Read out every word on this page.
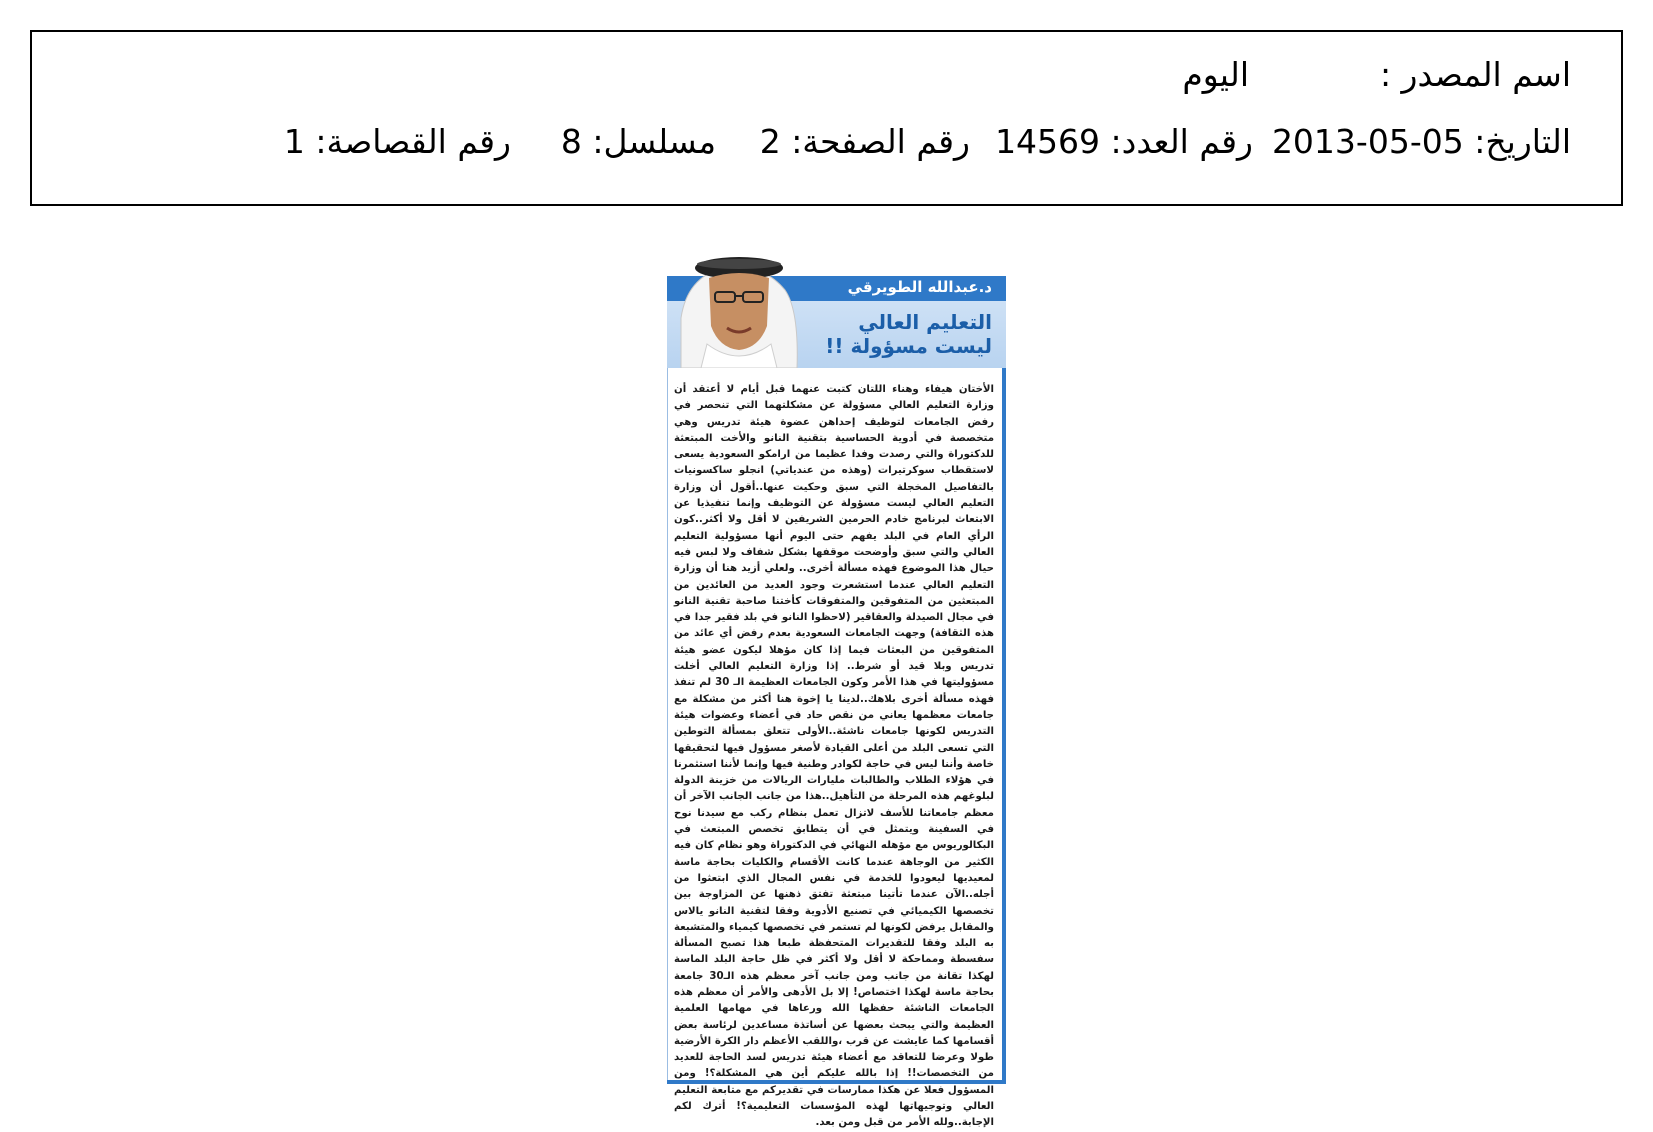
اسم المصدر :
اليوم
التاريخ: 2013-05-05
رقم العدد: 14569
رقم الصفحة: 2
مسلسل: 8
رقم القصاصة: 1
د.عبدالله الطويرقي
التعليم العالي
ليست مسؤولة !!
الأختان هيفاء وهناء اللتان كتبت عنهما قبل أيام لا أعتقد أن وزارة التعليم العالي مسؤولة عن مشكلتهما التي تنحصر في رفض الجامعات لتوظيف إحداهن عضوة هيئة تدريس وهي متخصصة في أدوية الحساسية بتقنية النانو والأخت المبتعثة للدكتوراة والتي رصدت وفدا عظيما من ارامكو السعودية يسعى لاستقطاب سوكرتيرات (وهذه من عندياتي) انجلو ساكسونيات بالتفاصيل المخجلة التي سبق وحكيت عنها..أقول أن وزارة التعليم العالي ليست مسؤولة عن التوظيف وإنما تنفيذيا عن الابتعاث لبرنامج خادم الحرمين الشريفين لا أقل ولا أكثر..كون الرأي العام في البلد يفهم حتى اليوم أنها مسؤولية التعليم العالي والتي سبق وأوضحت موقفها بشكل شفاف ولا لبس فيه حيال هذا الموضوع فهذه مسألة أخرى.. ولعلي أزيد هنا أن وزارة التعليم العالي عندما استشعرت وجود العديد من العائدين من المبتعثين من المتفوقين والمتفوقات كأختنا صاحبة تقنية النانو في مجال الصيدلة والعقاقير (لاحظوا النانو في بلد فقير جدا في هذه الثقافة) وجهت الجامعات السعودية بعدم رفض أي عائد من المتفوقين من البعثات فيما إذا كان مؤهلا ليكون عضو هيئة تدريس وبلا قيد أو شرط.. إذا وزارة التعليم العالي أخلت مسؤوليتها في هذا الأمر وكون الجامعات العظيمة الـ 30 لم تنفذ فهذه مسألة أخرى بلاهك..لدينا يا إخوة هنا أكثر من مشكلة مع جامعات معظمها يعاني من نقص حاد في أعضاء وعضوات هيئة التدريس لكونها جامعات ناشئة..الأولى تتعلق بمسألة التوطين التي تسعى البلد من أعلى القيادة لأصغر مسؤول فيها لتحقيقها خاصة وأننا ليس في حاجة لكوادر وطنية فيها وإنما لأننا استثمرنا في هؤلاء الطلاب والطالبات مليارات الريالات من خزينة الدولة لبلوغهم هذه المرحلة من التأهيل..هذا من جانب الجانب الآخر أن معظم جامعاتنا للأسف لاتزال تعمل بنظام ركب مع سيدنا نوح في السفينة ويتمثل في أن يتطابق تخصص المبتعث في البكالوريوس مع مؤهله النهائي في الدكتوراة وهو نظام كان فيه الكثير من الوجاهة عندما كانت الأقسام والكليات بحاجة ماسة لمعيديها ليعودوا للخدمة في نفس المجال الذي ابتعثوا من أجله..الآن عندما تأتينا مبتعثة تفتق ذهنها عن المزاوجة بين تخصصها الكيميائي في تصنيع الأدوية وفقا لتقنية النانو يالاس والمقابل يرفض لكونها لم تستمر في تخصصها كيمياء والمتشبعة به البلد وفقا للتقديرات المتحفظة طبعا هذا تصبح المسألة سفسطة ومماحكة لا أقل ولا أكثر في ظل حاجة البلد الماسة لهكذا تقانة من جانب ومن جانب آخر معظم هذه الـ30 جامعة بحاجة ماسة لهكذا اختصاص! إلا بل الأدهى والأمر أن معظم هذه الجامعات الناشئة حفظها الله ورعاها في مهامها العلمية العظيمة والتي يبحث بعضها عن أساتذة مساعدين لرئاسة بعض أقسامها كما عايشت عن قرب ،واللقب الأعظم دار الكرة الأرضية طولا وعرضا للتعاقد مع أعضاء هيئة تدريس لسد الحاجة للعديد من التخصصات!! إذا بالله عليكم أين هي المشكلة؟! ومن المسؤول فعلا عن هكذا ممارسات في تقديركم مع متابعة التعليم العالي وتوجيهاتها لهذه المؤسسات التعليمية؟! أترك لكم الإجابة..ولله الأمر من قبل ومن بعد.
